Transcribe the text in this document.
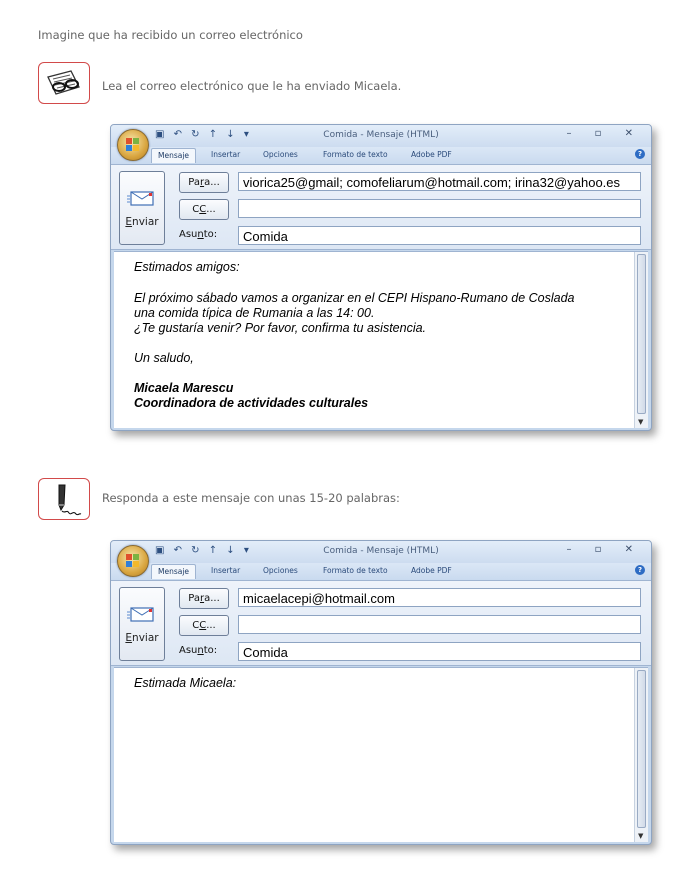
Imagine que ha recibido un correo electrónico
Lea el correo electrónico que le ha enviado Micaela.
▣ ↶ ↻ ↑ ↓ ▾	Comida - Mensaje (HTML)	– ▫ ✕
Mensaje	Insertar	Opciones	Formato de texto	Adobe PDF	?
Enviar
Para...
CC...
Asunto:
viorica25@gmail; comofeliarum@hotmail.com; irina32@yahoo.es
Comida

Estimados amigos:

El próximo sábado vamos a organizar en el CEPI Hispano-Rumano de Coslada

una comida típica de Rumania a las 14: 00.

¿Te gustaría venir? Por favor, confirma tu asistencia.

Un saludo,

Micaela Marescu

Coordinadora de actividades culturales

▼
Responda a este mensaje con unas 15-20 palabras:
▣ ↶ ↻ ↑ ↓ ▾	Comida - Mensaje (HTML)	– ▫ ✕
Mensaje	Insertar	Opciones	Formato de texto	Adobe PDF	?
Enviar
Para...
CC...
Asunto:
micaelacepi@hotmail.com
Comida

Estimada Micaela:

▼
